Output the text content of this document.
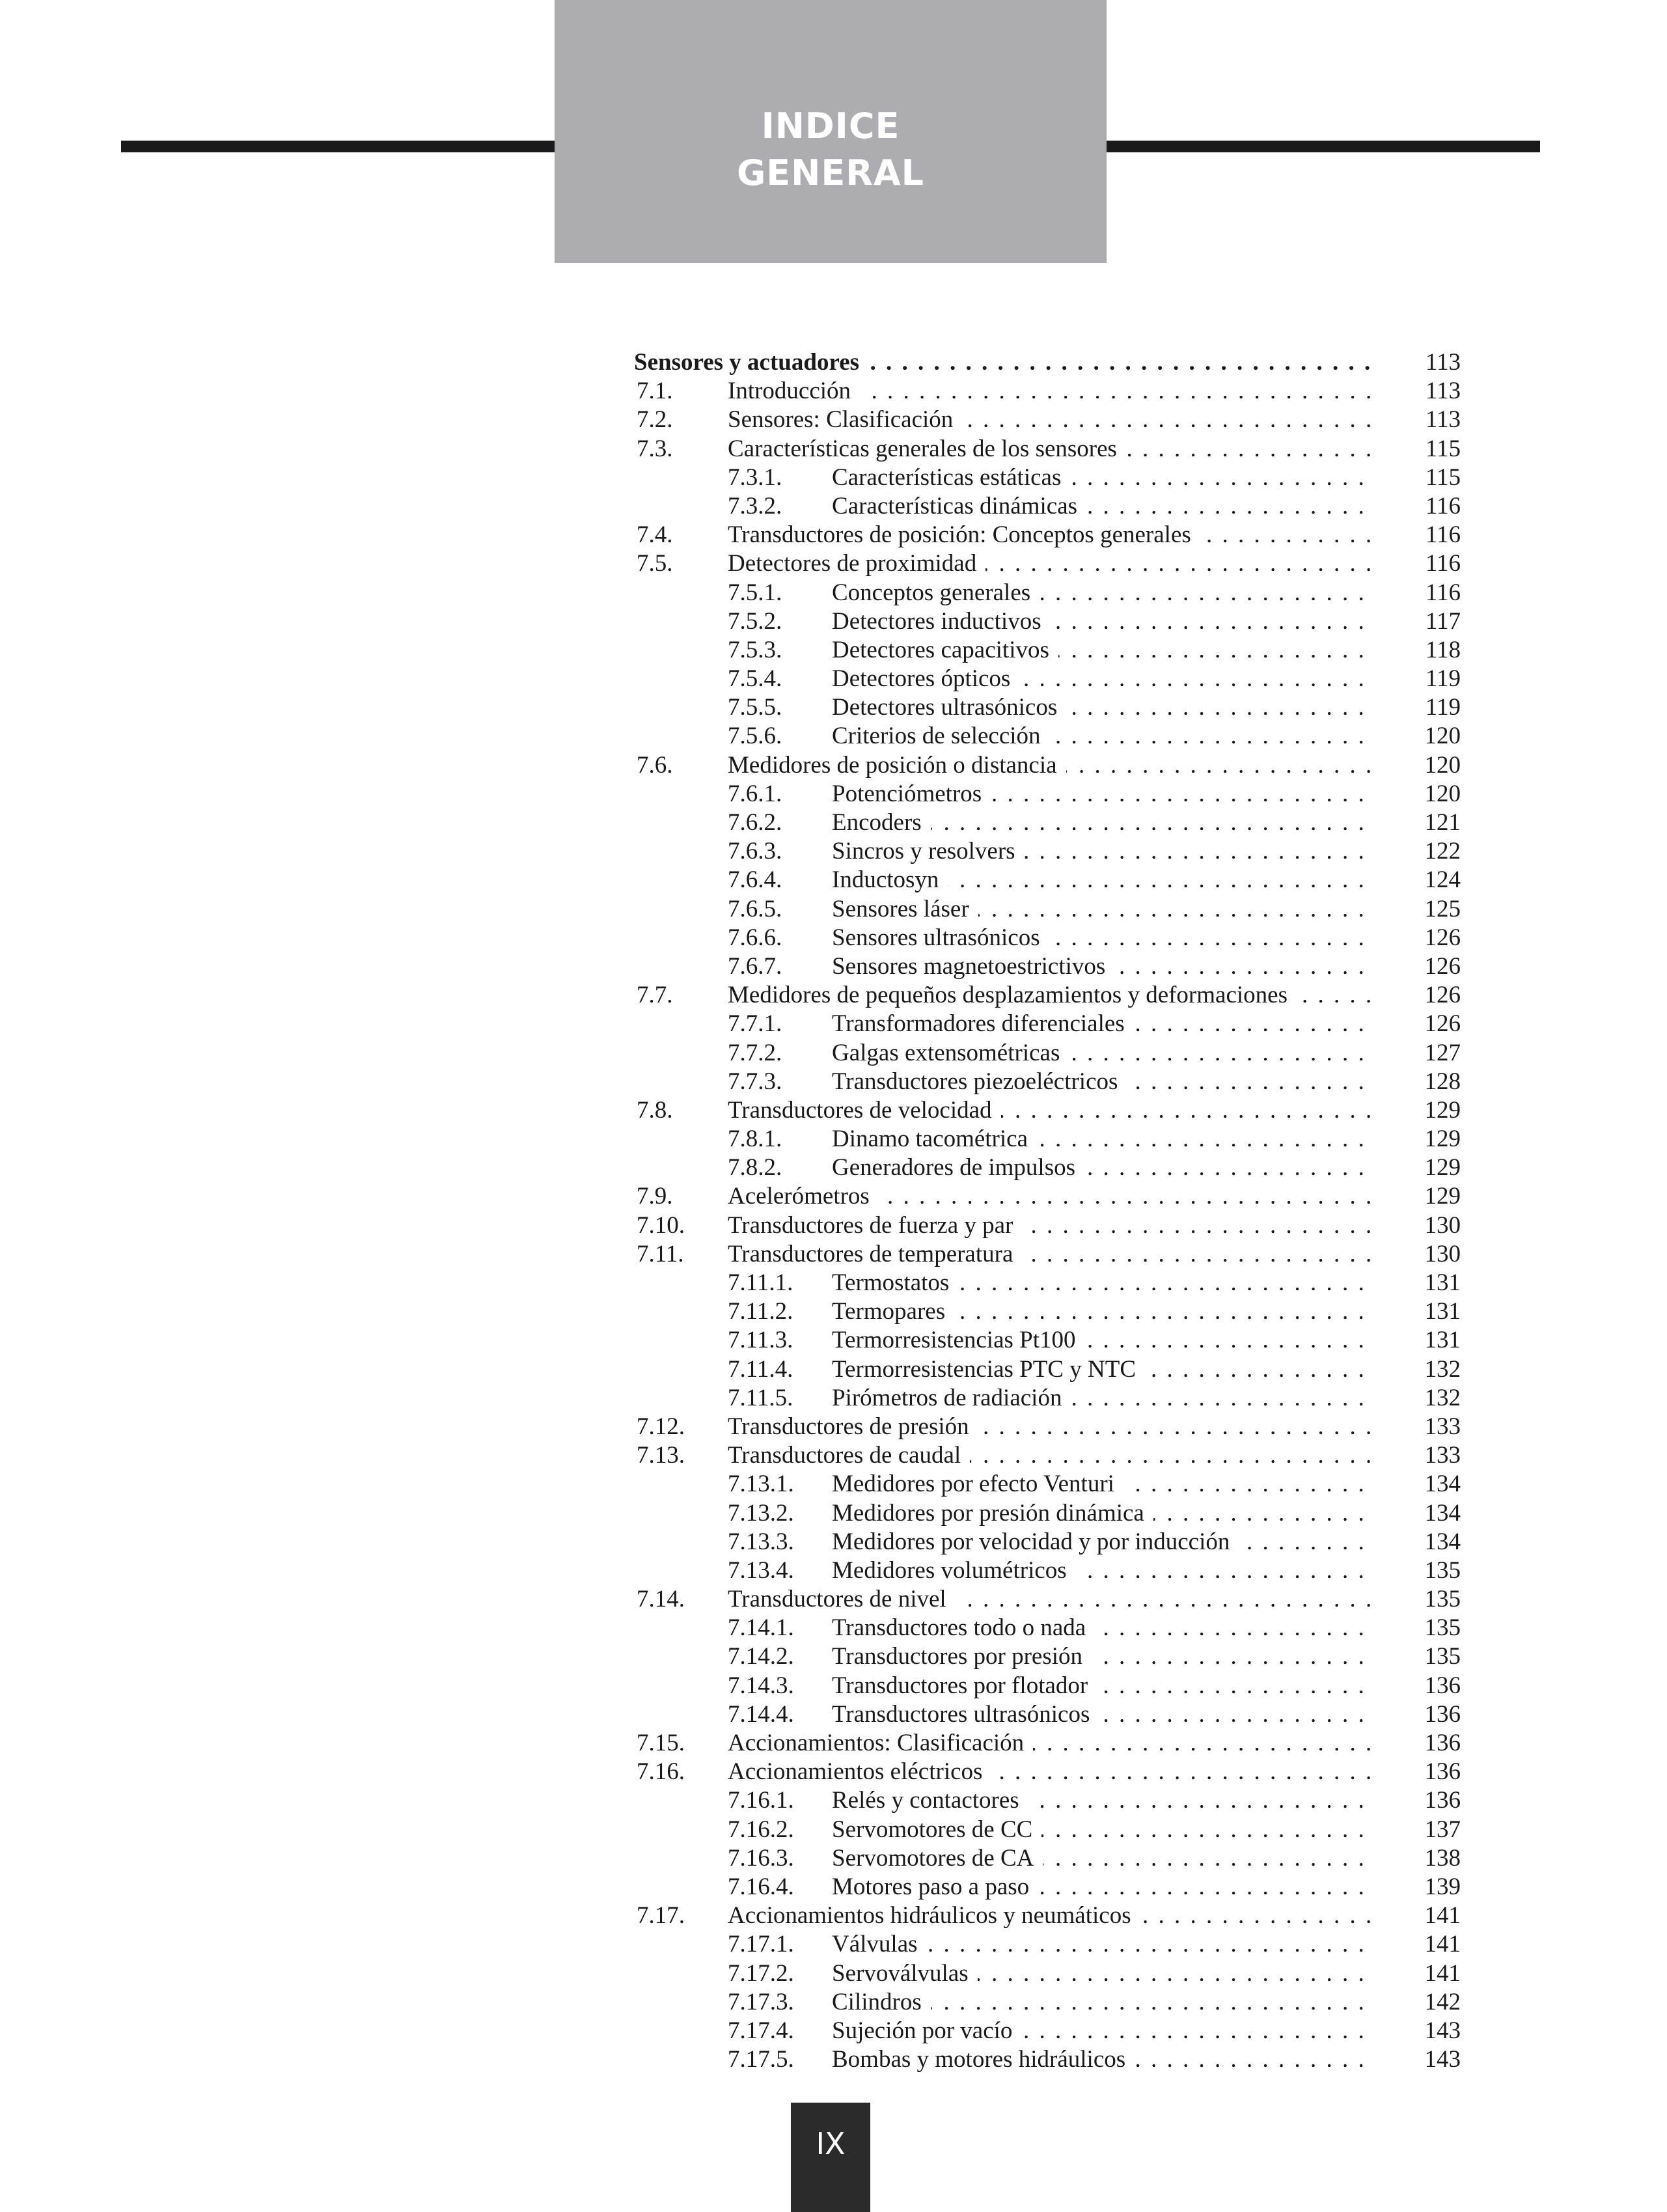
INDICE
GENERAL
Sensores y actuadores . . .	113
7.1. Introducción . . .	113
7.2. Sensores: Clasificación . . .	113
7.3. Características generales de los sensores . . .	115
7.3.1. Características estáticas . . .	115
7.3.2. Características dinámicas . . .	116
7.4. Transductores de posición: Conceptos generales . . .	116
7.5. Detectores de proximidad . . .	116
7.5.1. Conceptos generales . . .	116
7.5.2. Detectores inductivos . . .	117
7.5.3. Detectores capacitivos . . .	118
7.5.4. Detectores ópticos . . .	119
7.5.5. Detectores ultrasónicos . . .	119
7.5.6. Criterios de selección . . .	120
7.6. Medidores de posición o distancia . . .	120
7.6.1. Potenciómetros . . .	120
7.6.2. Encoders . . .	121
7.6.3. Sincros y resolvers . . .	122
7.6.4. Inductosyn . . .	124
7.6.5. Sensores láser . . .	125
7.6.6. Sensores ultrasónicos . . .	126
7.6.7. Sensores magnetoestrictivos . . .	126
7.7. Medidores de pequeños desplazamientos y deformaciones . . .	126
7.7.1. Transformadores diferenciales . . .	126
7.7.2. Galgas extensométricas . . .	127
7.7.3. Transductores piezoeléctricos . . .	128
7.8. Transductores de velocidad . . .	129
7.8.1. Dinamo tacométrica . . .	129
7.8.2. Generadores de impulsos . . .	129
7.9. Acelerómetros . . .	129
7.10. Transductores de fuerza y par . . .	130
7.11. Transductores de temperatura . . .	130
7.11.1. Termostatos . . .	131
7.11.2. Termopares . . .	131
7.11.3. Termorresistencias Pt100 . . .	131
7.11.4. Termorresistencias PTC y NTC . . .	132
7.11.5. Pirómetros de radiación . . .	132
7.12. Transductores de presión . . .	133
7.13. Transductores de caudal . . .	133
7.13.1. Medidores por efecto Venturi . . .	134
7.13.2. Medidores por presión dinámica . . .	134
7.13.3. Medidores por velocidad y por inducción . . .	134
7.13.4. Medidores volumétricos . . .	135
7.14. Transductores de nivel . . .	135
7.14.1. Transductores todo o nada . . .	135
7.14.2. Transductores por presión . . .	135
7.14.3. Transductores por flotador . . .	136
7.14.4. Transductores ultrasónicos . . .	136
7.15. Accionamientos: Clasificación . . .	136
7.16. Accionamientos eléctricos . . .	136
7.16.1. Relés y contactores . . .	136
7.16.2. Servomotores de CC . . .	137
7.16.3. Servomotores de CA . . .	138
7.16.4. Motores paso a paso . . .	139
7.17. Accionamientos hidráulicos y neumáticos . . .	141
7.17.1. Válvulas . . .	141
7.17.2. Servoválvulas . . .	141
7.17.3. Cilindros . . .	142
7.17.4. Sujeción por vacío . . .	143
7.17.5. Bombas y motores hidráulicos . . .	143
IX
